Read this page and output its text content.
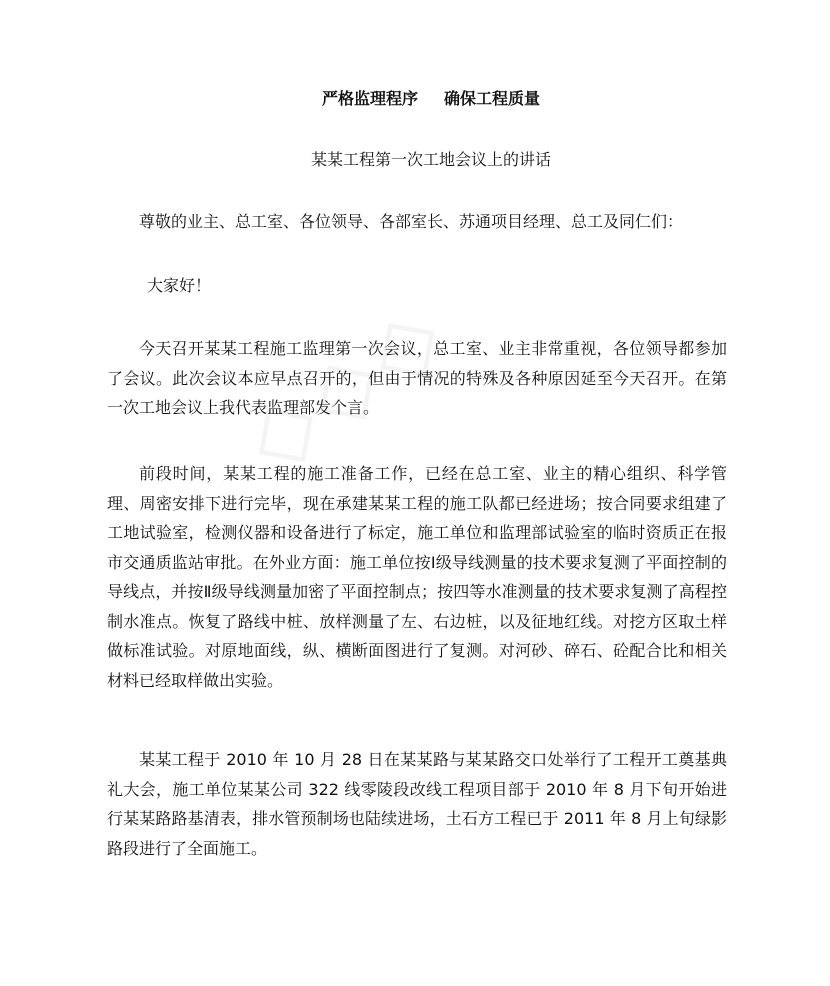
严格监理程序 确保工程质量
某某工程第一次工地会议上的讲话
尊敬的业主、总工室、各位领导、各部室长、苏通项目经理、总工及同仁们：
大家好！
今天召开某某工程施工监理第一次会议，总工室、业主非常重视，各位领导都参加了会议。此次会议本应早点召开的，但由于情况的特殊及各种原因延至今天召开。在第一次工地会议上我代表监理部发个言。
前段时间，某某工程的施工准备工作，已经在总工室、业主的精心组织、科学管理、周密安排下进行完毕，现在承建某某工程的施工队都已经进场；按合同要求组建了工地试验室，检测仪器和设备进行了标定，施工单位和监理部试验室的临时资质正在报市交通质监站审批。在外业方面：施工单位按Ⅰ级导线测量的技术要求复测了平面控制的导线点，并按Ⅱ级导线测量加密了平面控制点；按四等水准测量的技术要求复测了高程控制水准点。恢复了路线中桩、放样测量了左、右边桩，以及征地红线。对挖方区取土样做标准试验。对原地面线，纵、横断面图进行了复测。对河砂、碎石、砼配合比和相关材料已经取样做出实验。
某某工程于 2010 年 10 月 28 日在某某路与某某路交口处举行了工程开工奠基典礼大会，施工单位某某公司 322 线零陵段改线工程项目部于 2010 年 8 月下旬开始进行某某路路基清表，排水管预制场也陆续进场，土石方工程已于 2011 年 8 月上旬绿影路段进行了全面施工。
